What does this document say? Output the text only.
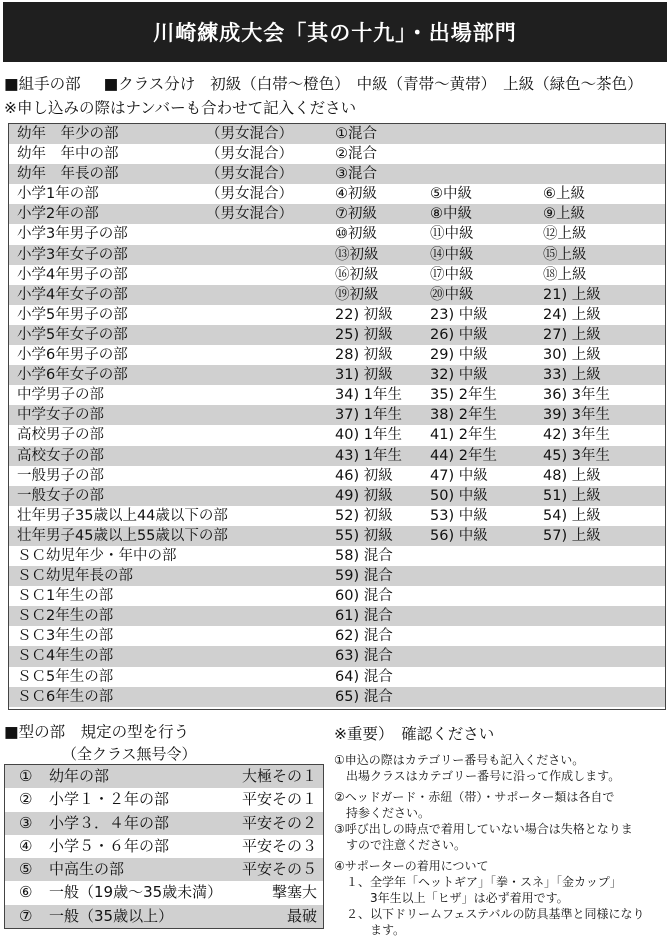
川崎練成大会「其の十九」・出場部門
■組手の部 ■クラス分け 初級（白帯～橙色） 中級（青帯～黄帯） 上級（緑色～茶色）
※申し込みの際はナンバーも合わせて記入ください
幼年　年少の部	（男女混合）	①混合
幼年　年中の部	（男女混合）	②混合
幼年　年長の部	（男女混合）	③混合
小学1年の部	（男女混合）	④初級	⑤中級	⑥上級
小学2年の部	（男女混合）	⑦初級	⑧中級	⑨上級
小学3年男子の部	⑩初級	⑪中級	⑫上級
小学3年女子の部	⑬初級	⑭中級	⑮上級
小学4年男子の部	⑯初級	⑰中級	⑱上級
小学4年女子の部	⑲初級	⑳中級	21) 上級
小学5年男子の部	22) 初級	23) 中級	24) 上級
小学5年女子の部	25) 初級	26) 中級	27) 上級
小学6年男子の部	28) 初級	29) 中級	30) 上級
小学6年女子の部	31) 初級	32) 中級	33) 上級
中学男子の部	34) 1年生 35) 2年生	36) 3年生
中学女子の部	37) 1年生 38) 2年生	39) 3年生
高校男子の部	40) 1年生 41) 2年生	42) 3年生
高校女子の部	43) 1年生 44) 2年生	45) 3年生
一般男子の部	46) 初級	47) 中級	48) 上級
一般女子の部	49) 初級	50) 中級	51) 上級
壮年男子35歳以上44歳以下の部	52) 初級	53) 中級	54) 上級
壮年男子45歳以上55歳以下の部	55) 初級	56) 中級	57) 上級
ＳＣ幼児年少・年中の部	58) 混合
ＳＣ幼児年長の部	59) 混合
ＳＣ1年生の部	60) 混合
ＳＣ2年生の部	61) 混合
ＳＣ3年生の部	62) 混合
ＳＣ4年生の部	63) 混合
ＳＣ5年生の部	64) 混合
ＳＣ6年生の部	65) 混合
■型の部　規定の型を行う
（全クラス無号令）
① 幼年の部	大極その１
② 小学１・２年の部	平安その１
③ 小学３．４年の部	平安その２
④ 小学５・６年の部	平安その３
⑤ 中高生の部	平安その５
⑥ 一般（19歳～35歳未満）	撃塞大
⑦ 一般（35歳以上）	最破
※重要）　確認ください
①申込の際はカテゴリー番号も記入ください。
　出場クラスはカテゴリー番号に沿って作成します。
②ヘッドガード・赤紐（帯）・サポーター類は各自で
　持参ください。
③呼び出しの時点で着用していない場合は失格となりま
　すので注意ください。
④サポーターの着用について
　１、全学年「ヘットギア」「拳・スネ」「金カップ」
　　　3年生以上「ヒザ」は必ず着用です。
　２、以下ドリームフェステバルの防具基準と同様になり
　　　ます。
